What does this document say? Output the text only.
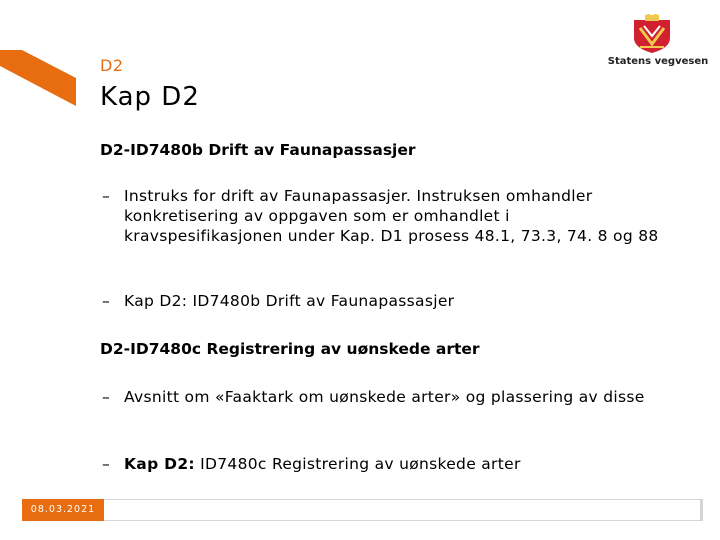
D2
Kap D2
Statens vegvesen
D2-ID7480b Drift av Faunapassasjer
– Instruks for drift av Faunapassasjer. Instruksen omhandler konkretisering av oppgaven som er omhandlet i kravspesifikasjonen under Kap. D1 prosess 48.1, 73.3, 74. 8 og 88
– Kap D2: ID7480b Drift av Faunapassasjer
D2-ID7480c Registrering av uønskede arter
– Avsnitt om «Faaktark om uønskede arter» og plassering av disse
– Kap D2: ID7480c Registrering av uønskede arter
08.03.2021
